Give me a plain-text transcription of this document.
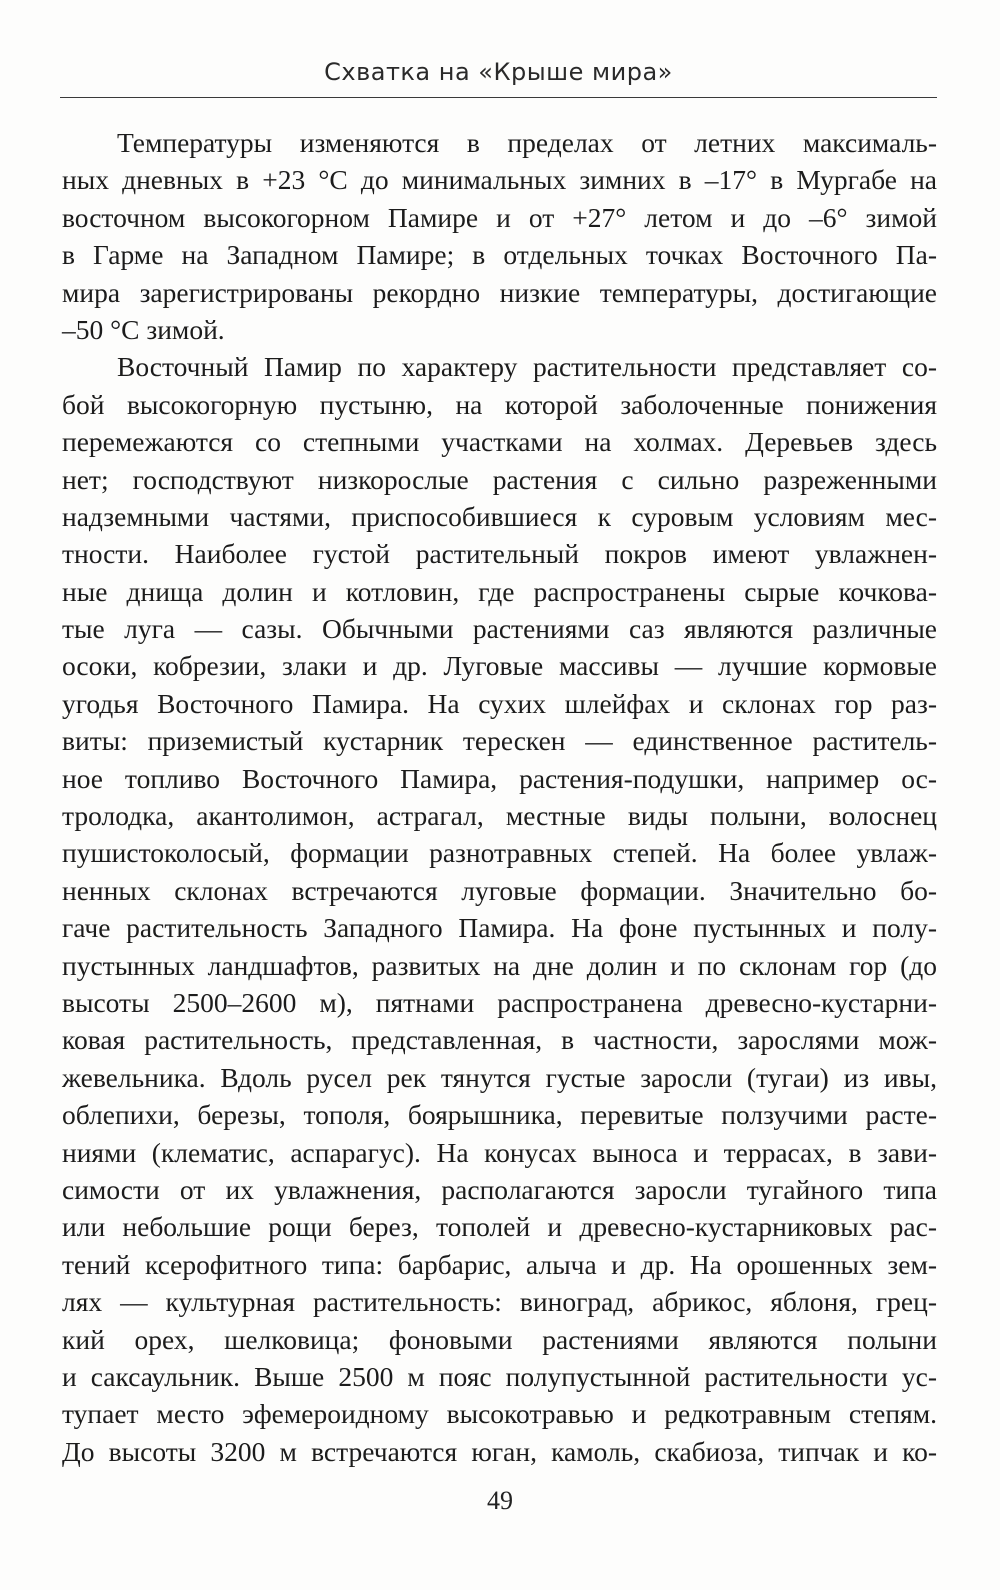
Схватка на «Крыше мира»
Температуры изменяются в пределах от летних максималь-
ных дневных в +23 °С до минимальных зимних в –17° в Мургабе на
восточном высокогорном Памире и от +27° летом и до –6° зимой
в Гарме на Западном Памире; в отдельных точках Восточного Па-
мира зарегистрированы рекордно низкие температуры, достигающие
–50 °С зимой.
Восточный Памир по характеру растительности представляет со-
бой высокогорную пустыню, на которой заболоченные понижения
перемежаются со степными участками на холмах. Деревьев здесь
нет; господствуют низкорослые растения с сильно разреженными
надземными частями, приспособившиеся к суровым условиям мес-
тности. Наиболее густой растительный покров имеют увлажнен-
ные днища долин и котловин, где распространены сырые кочкова-
тые луга — сазы. Обычными растениями саз являются различные
осоки, кобрезии, злаки и др. Луговые массивы — лучшие кормовые
угодья Восточного Памира. На сухих шлейфах и склонах гор раз-
виты: приземистый кустарник терескен — единственное раститель-
ное топливо Восточного Памира, растения-подушки, например ос-
тролодка, акантолимон, астрагал, местные виды полыни, волоснец
пушистоколосый, формации разнотравных степей. На более увлаж-
ненных склонах встречаются луговые формации. Значительно бо-
гаче растительность Западного Памира. На фоне пустынных и полу-
пустынных ландшафтов, развитых на дне долин и по склонам гор (до
высоты 2500–2600 м), пятнами распространена древесно-кустарни-
ковая растительность, представленная, в частности, зарослями мож-
жевельника. Вдоль русел рек тянутся густые заросли (тугаи) из ивы,
облепихи, березы, тополя, боярышника, перевитые ползучими расте-
ниями (клематис, аспарагус). На конусах выноса и террасах, в зави-
симости от их увлажнения, располагаются заросли тугайного типа
или небольшие рощи берез, тополей и древесно-кустарниковых рас-
тений ксерофитного типа: барбарис, алыча и др. На орошенных зем-
лях — культурная растительность: виноград, абрикос, яблоня, грец-
кий орех, шелковица; фоновыми растениями являются полыни
и саксаульник. Выше 2500 м пояс полупустынной растительности ус-
тупает место эфемероидному высокотравью и редкотравным степям.
До высоты 3200 м встречаются юган, камоль, скабиоза, типчак и ко-
49
